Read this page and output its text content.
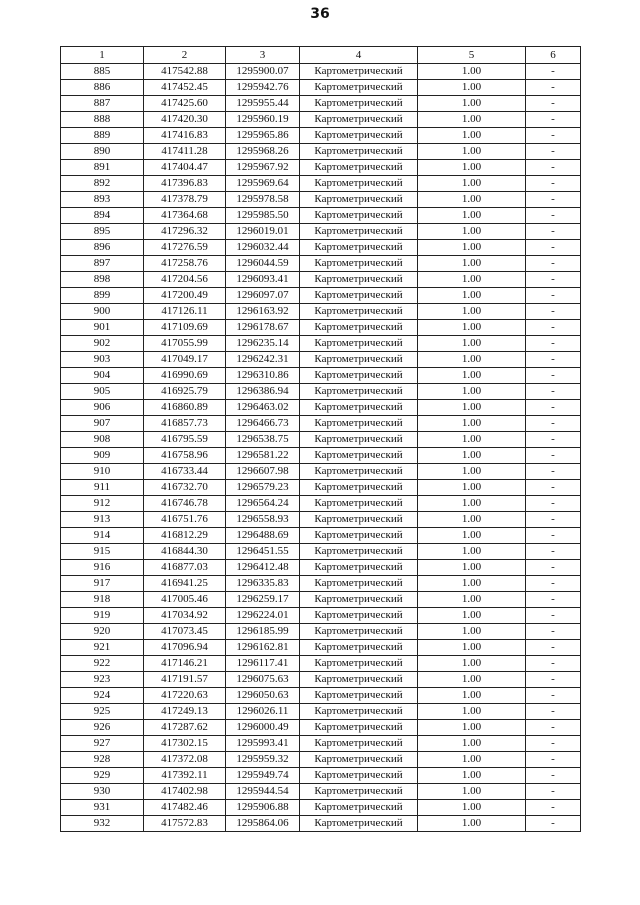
36
1	2	3	4	5	6
885	417542.88	1295900.07	Картометрический	1.00	-
886	417452.45	1295942.76	Картометрический	1.00	-
887	417425.60	1295955.44	Картометрический	1.00	-
888	417420.30	1295960.19	Картометрический	1.00	-
889	417416.83	1295965.86	Картометрический	1.00	-
890	417411.28	1295968.26	Картометрический	1.00	-
891	417404.47	1295967.92	Картометрический	1.00	-
892	417396.83	1295969.64	Картометрический	1.00	-
893	417378.79	1295978.58	Картометрический	1.00	-
894	417364.68	1295985.50	Картометрический	1.00	-
895	417296.32	1296019.01	Картометрический	1.00	-
896	417276.59	1296032.44	Картометрический	1.00	-
897	417258.76	1296044.59	Картометрический	1.00	-
898	417204.56	1296093.41	Картометрический	1.00	-
899	417200.49	1296097.07	Картометрический	1.00	-
900	417126.11	1296163.92	Картометрический	1.00	-
901	417109.69	1296178.67	Картометрический	1.00	-
902	417055.99	1296235.14	Картометрический	1.00	-
903	417049.17	1296242.31	Картометрический	1.00	-
904	416990.69	1296310.86	Картометрический	1.00	-
905	416925.79	1296386.94	Картометрический	1.00	-
906	416860.89	1296463.02	Картометрический	1.00	-
907	416857.73	1296466.73	Картометрический	1.00	-
908	416795.59	1296538.75	Картометрический	1.00	-
909	416758.96	1296581.22	Картометрический	1.00	-
910	416733.44	1296607.98	Картометрический	1.00	-
911	416732.70	1296579.23	Картометрический	1.00	-
912	416746.78	1296564.24	Картометрический	1.00	-
913	416751.76	1296558.93	Картометрический	1.00	-
914	416812.29	1296488.69	Картометрический	1.00	-
915	416844.30	1296451.55	Картометрический	1.00	-
916	416877.03	1296412.48	Картометрический	1.00	-
917	416941.25	1296335.83	Картометрический	1.00	-
918	417005.46	1296259.17	Картометрический	1.00	-
919	417034.92	1296224.01	Картометрический	1.00	-
920	417073.45	1296185.99	Картометрический	1.00	-
921	417096.94	1296162.81	Картометрический	1.00	-
922	417146.21	1296117.41	Картометрический	1.00	-
923	417191.57	1296075.63	Картометрический	1.00	-
924	417220.63	1296050.63	Картометрический	1.00	-
925	417249.13	1296026.11	Картометрический	1.00	-
926	417287.62	1296000.49	Картометрический	1.00	-
927	417302.15	1295993.41	Картометрический	1.00	-
928	417372.08	1295959.32	Картометрический	1.00	-
929	417392.11	1295949.74	Картометрический	1.00	-
930	417402.98	1295944.54	Картометрический	1.00	-
931	417482.46	1295906.88	Картометрический	1.00	-
932	417572.83	1295864.06	Картометрический	1.00	-
